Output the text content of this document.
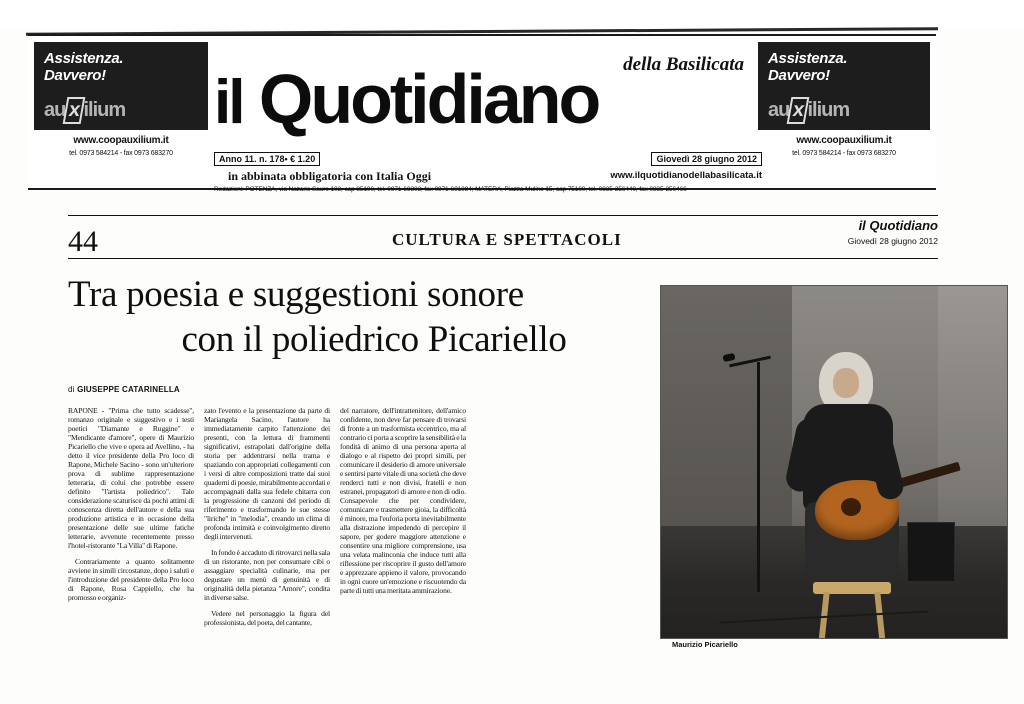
Assistenza.
Davvero!
au xilium
www.coopauxilium.it
tel. 0973 584214 - fax 0973 683270
Assistenza.
Davvero!
au xilium
www.coopauxilium.it
tel. 0973 584214 - fax 0973 683270
il Quotidiano	della Basilicata
Anno 11. n. 178• € 1.20	Giovedì 28 giugno 2012
in abbinata obbligatoria con Italia Oggi	www.ilquotidianodellabasilicata.it
Redazioni: POTENZA, via Nazario Sauro 102, cap 85100, tel. 0971-69303; fax 0971-601084; MATERA, Piazza Mulino 15, cap 75100, tel. 0835-256440, fax 0835-256466
44	CULTURA E SPETTACOLI
il Quotidiano
Giovedì 28 giugno 2012
Tra poesia e suggestioni sonore
con il poliedrico Picariello
di GIUSEPPE CATARINELLA

RAPONE - "Prima che tutto scadesse", romanzo originale e suggestivo e i testi poetici "Diamante e Ruggine" e "Mendicante d'amore", opere di Maurizio Picariello che vive e opera ad Avellino, - ha detto il vice presidente della Pro loco di Rapone, Michele Sacino - sono un'ulteriore prova di sublime rappresentazione letteraria, di colui che potrebbe essere definito "l'artista poliedrico". Tale considerazione scaturisce da pochi attimi di conoscenza diretta dell'autore e della sua produzione artistica e in occasione della presentazione delle sue ultime fatiche letterarie, avvenute recentemente presso l'hotel-ristorante "La Villa" di Rapone.

Contrariamente a quanto solitamente avviene in simili circostanze, dopo i saluti e l'introduzione del presidente della Pro loco di Rapone, Rosa Cappiello, che ha promosso e organiz-

zato l'evento e la presentazione da parte di Mariangela Sacino, l'autore ha immediatamente carpito l'attenzione dei presenti, con la lettura di frammenti significativi, estrapolati dall'origine della storia per addentrarsi nella trama e spaziando con appropriati collegamenti con i versi di altre composizioni tratte dai suoi quaderni di poesie, mirabilmente accordati e accompagnati dalla sua fedele chitarra con la progressione di canzoni del periodo di riferimento e trasformando le sue stesse "liriche" in "melodia", creando un clima di profonda intimità e coinvolgimento diretto degli intervenuti.

In fondo è accaduto di ritrovarci nella sala di un ristorante, non per consumare cibi o assaggiare specialità culinarie, ma per degustare un menù di genuinità e di originalità della pietanza "Amore", condita in diverse salse.

Vedere nel personaggio la figura del professionista, del poeta, del cantante,

del narratore, dell'intrattenitore, dell'amico confidente, non deve far pensare di trovarsi di fronte a un trasformista eccentrico, ma al contrario ci porta a scoprire la sensibilità e la fondità di animo di una persona aperta al dialogo e al rispetto dei propri simili, per comunicare il desiderio di amore universale e sentirsi parte vitale di una società che deve renderci tutti e non divisi, fratelli e non estranei, propagatori di amore e non di odio. Consapevole che per condividere, comunicare e trasmettere gioia, la difficoltà è minore, ma l'euforia porta inevitabilmente alla distrazione impedendo di percepire il sapore, per godere maggiore attenzione e consentire una migliore comprensione, usa una velata malinconia che induce tutti alla riflessione per riscoprire il gusto dell'amore e apprezzare appieno il valore, provocando in ogni cuore un'emozione e riscuotendo da parte di tutti una meritata ammirazione.

Maurizio Picariello
